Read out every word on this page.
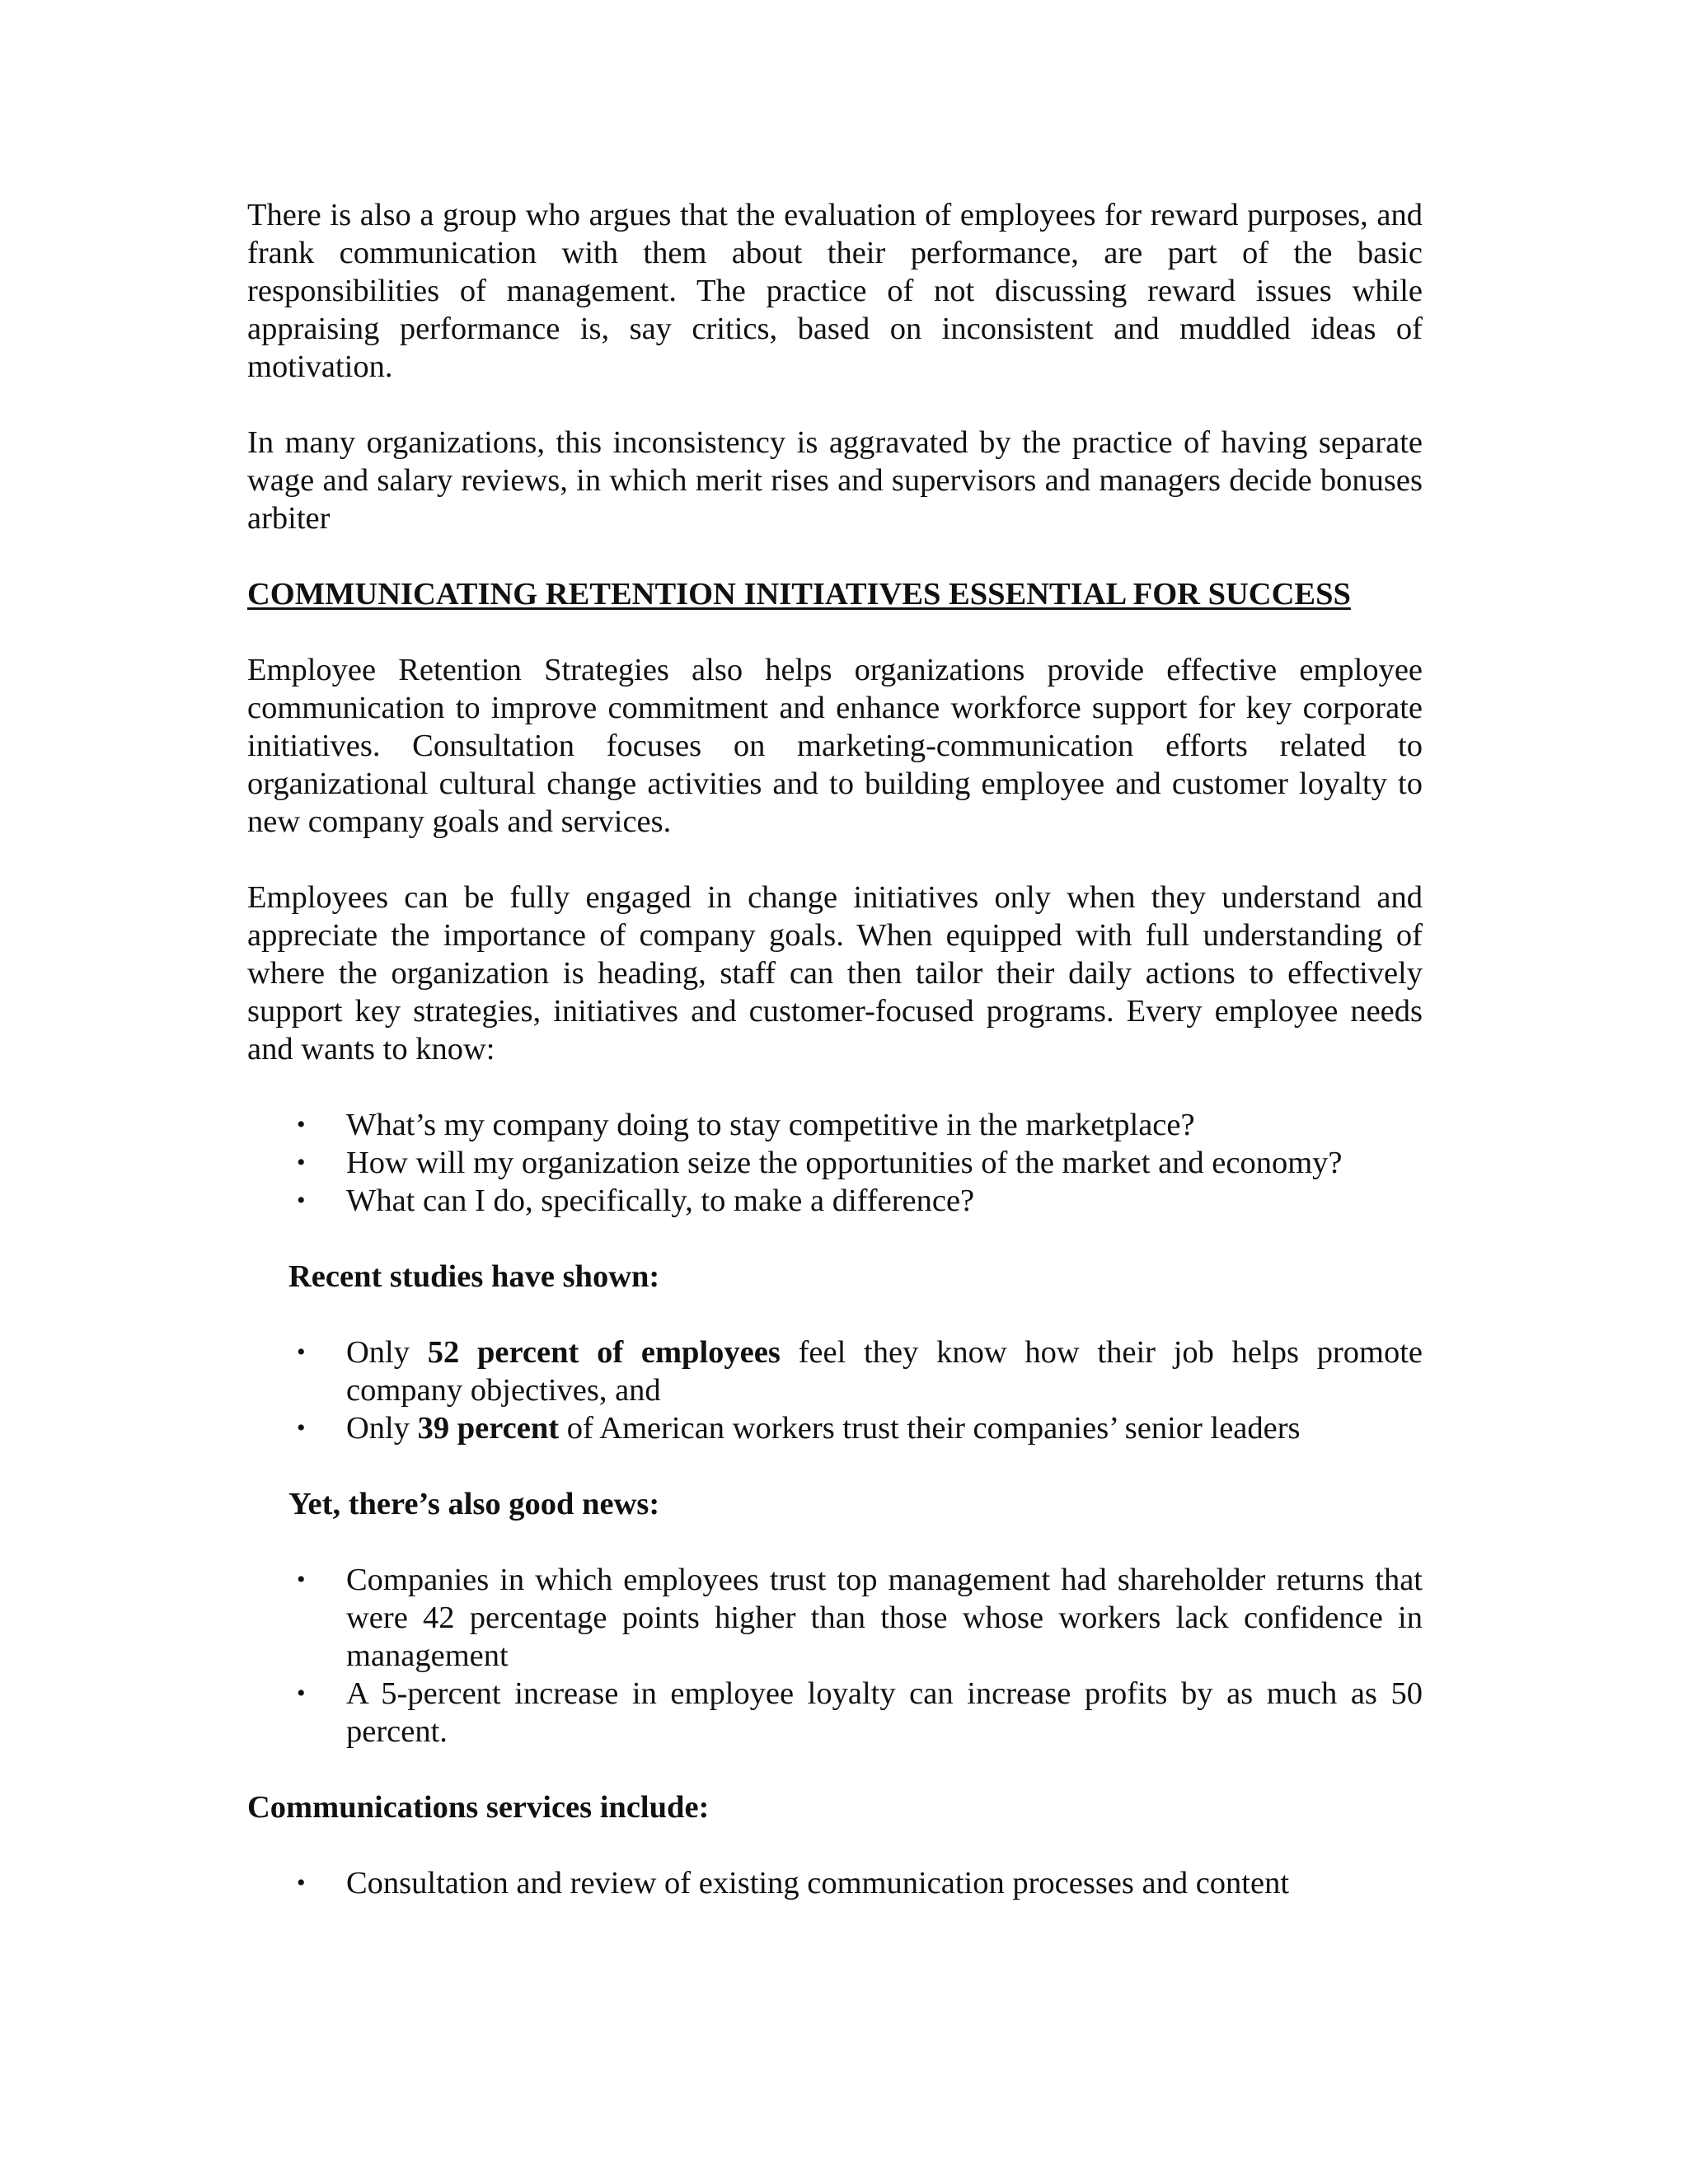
There is also a group who argues that the evaluation of employees for reward purposes, and frank communication with them about their performance, are part of the basic responsibilities of management. The practice of not discussing reward issues while appraising performance is, say critics, based on inconsistent and muddled ideas of motivation.

In many organizations, this inconsistency is aggravated by the practice of having separate wage and salary reviews, in which merit rises and supervisors and managers decide bonuses arbiter

COMMUNICATING RETENTION INITIATIVES ESSENTIAL FOR SUCCESS

Employee Retention Strategies also helps organizations provide effective employee communication to improve commitment and enhance workforce support for key corporate initiatives. Consultation focuses on marketing-communication efforts related to organizational cultural change activities and to building employee and customer loyalty to new company goals and services.

Employees can be fully engaged in change initiatives only when they understand and appreciate the importance of company goals. When equipped with full understanding of where the organization is heading, staff can then tailor their daily actions to effectively support key strategies, initiatives and customer-focused programs. Every employee needs and wants to know:

• What’s my company doing to stay competitive in the marketplace?
• How will my organization seize the opportunities of the market and economy?
• What can I do, specifically, to make a difference?

Recent studies have shown:

• Only 52 percent of employees feel they know how their job helps promote company objectives, and
• Only 39 percent of American workers trust their companies’ senior leaders

Yet, there’s also good news:

• Companies in which employees trust top management had shareholder returns that were 42 percentage points higher than those whose workers lack confidence in management
• A 5-percent increase in employee loyalty can increase profits by as much as 50 percent.

Communications services include:

• Consultation and review of existing communication processes and content
